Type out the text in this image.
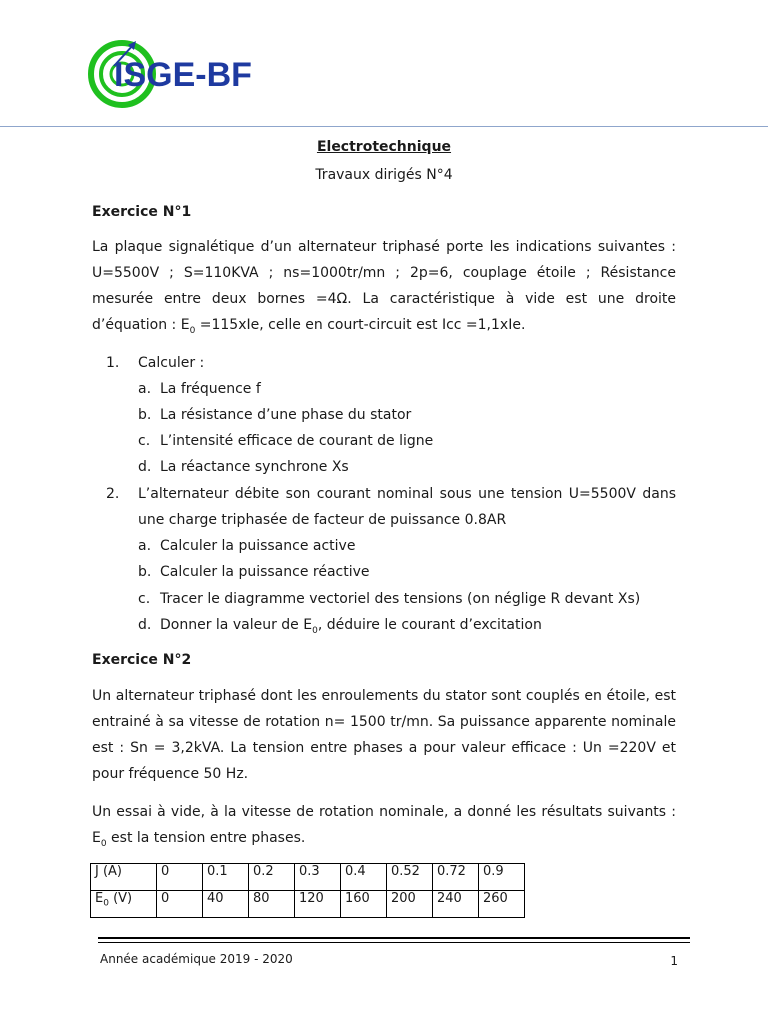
ISGE-BF
Electrotechnique
Travaux dirigés N°4
Exercice N°1
La plaque signalétique d’un alternateur triphasé porte les indications suivantes : U=5500V ; S=110KVA ; ns=1000tr/mn ; 2p=6, couplage étoile ; Résistance mesurée entre deux bornes =4Ω. La caractéristique à vide est une droite d’équation : $E_0 =115xIe$, celle en court-circuit est Icc =1,1xIe.
1. Calculer :
a. La fréquence f
b. La résistance d’une phase du stator
c. L’intensité efficace de courant de ligne
d. La réactance synchrone Xs
2.	L’alternateur débite son courant nominal sous une tension U=5500V dans une charge triphasée de facteur de puissance 0.8AR
a. Calculer la puissance active
b. Calculer la puissance réactive
c. Tracer le diagramme vectoriel des tensions (on néglige R devant Xs)
d. Donner la valeur de $E_0$, déduire le courant d’excitation
Exercice N°2
Un alternateur triphasé dont les enroulements du stator sont couplés en étoile, est entrainé à sa vitesse de rotation n= 1500 tr/mn. Sa puissance apparente nominale est : Sn = 3,2kVA. La tension entre phases a pour valeur efficace : Un =220V et pour fréquence 50 Hz.
Un essai à vide, à la vitesse de rotation nominale, a donné les résultats suivants : $E_0$ est la tension entre phases.
J (A)	0	0.1	0.2	0.3	0.4	0.52	0.72	0.9
$E_0$ (V)	0	40	80	120	160	200	240	260
Année académique 2019 - 2020	1
